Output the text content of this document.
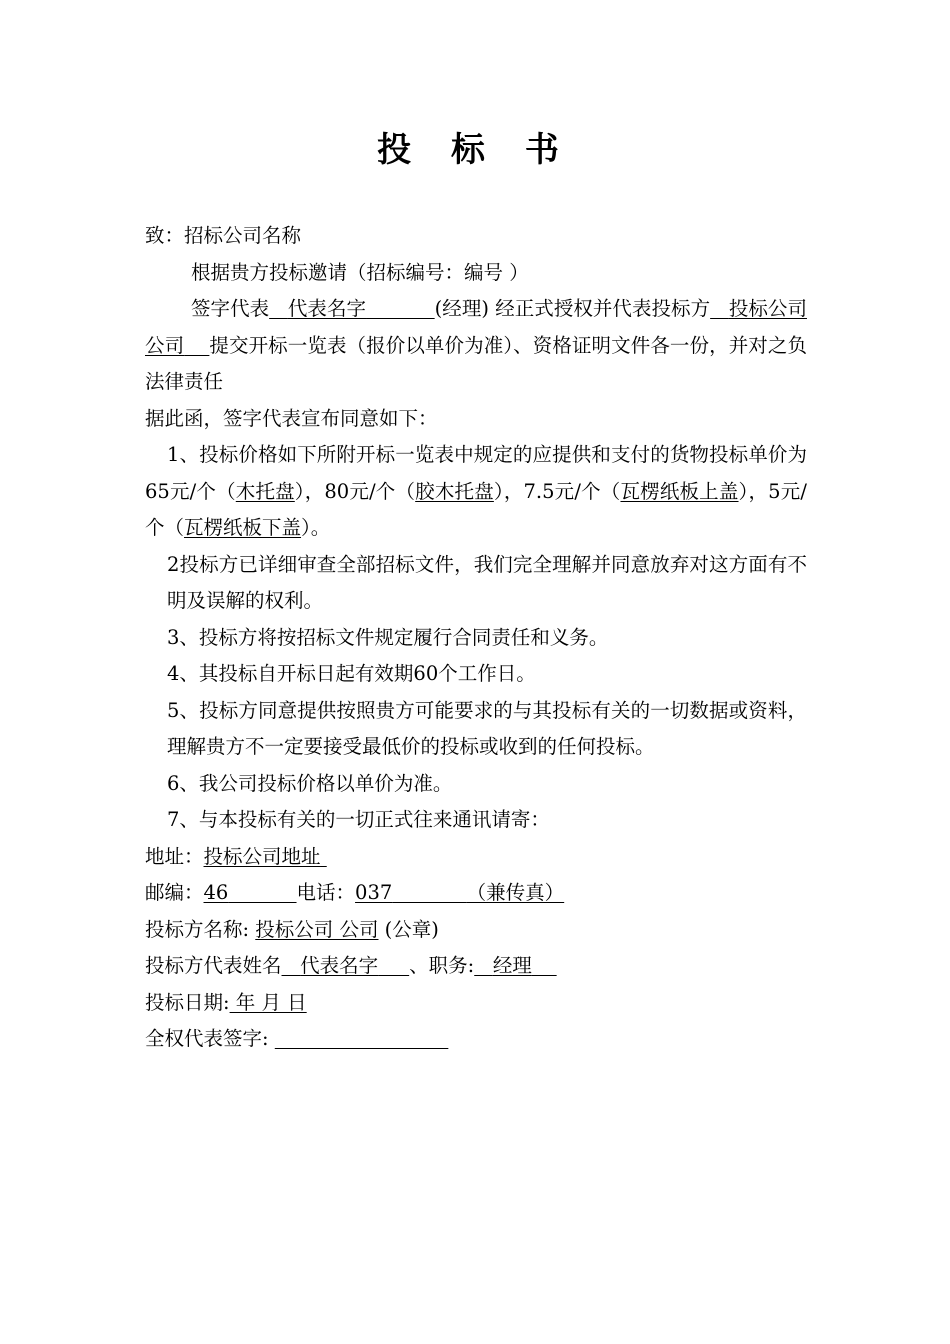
投 标 书

致：招标公司名称

根据贵方投标邀请（招标编号：编号 ）

签字代表 代表名字	(经理) 经正式授权并代表投标方 投标公司 公司 提交开标一览表（报价以单价为准）、资格证明文件各一份，并对之负法律责任

据此函，签字代表宣布同意如下：

1、投标价格如下所附开标一览表中规定的应提供和支付的货物投标单价为65元/个（木托盘），80元/个（胶木托盘），7.5元/个（瓦楞纸板上盖），5元/个（瓦楞纸板下盖）。

2投标方已详细审查全部招标文件，我们完全理解并同意放弃对这方面有不明及误解的权利。

3、投标方将按招标文件规定履行合同责任和义务。

4、其投标自开标日起有效期60个工作日。

5、投标方同意提供按照贵方可能要求的与其投标有关的一切数据或资料，理解贵方不一定要接受最低价的投标或收到的任何投标。

6、我公司投标价格以单价为准。

7、与本投标有关的一切正式往来通讯请寄：

地址：投标公司地址

邮编：46	电话：037	（兼传真）

投标方名称: 投标公司 公司 (公章)

投标方代表姓名 代表名字 、职务: 经理

投标日期: 年 月 日

全权代表签字:
